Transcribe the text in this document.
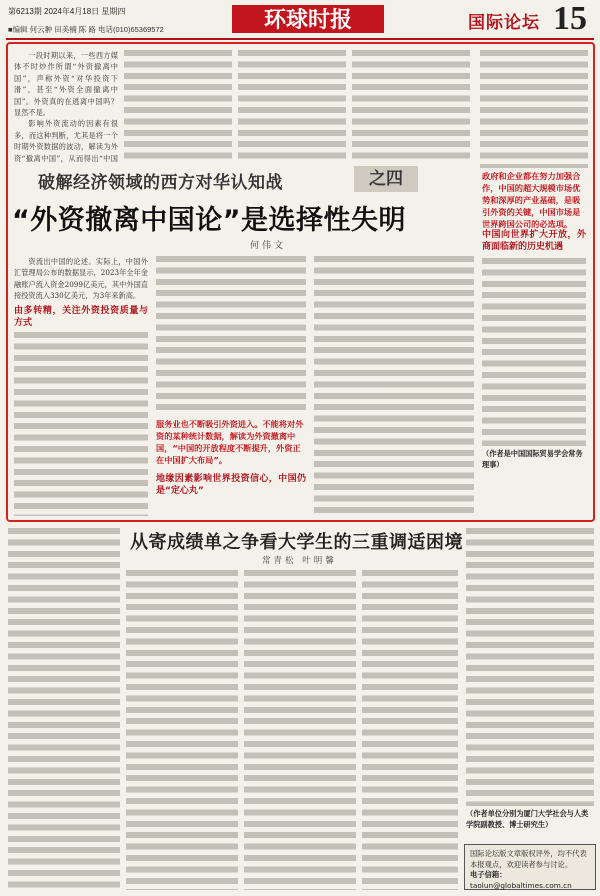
第6213期 2024年4月18日 星期四
■编辑 何云翀 田美楠 陈 路 电话(010)65369572	环球时报	国际论坛 15

一段时期以来，一些西方媒体不时炒作所谓“外资撤离中国”，声称外资“对华投资下滑”，甚至“外资全面撤离中国”。外资真的在逃离中国吗？显然不是。

影响外资流动的因素有很多，而这种判断，尤其是将一个时期外资数据的波动，解读为外资“撤离中国”，从而得出“中国

破解经济领域的西方对华认知战	之四
“外资撤离中国论”是选择性失明
何伟文
政府和企业都在努力加强合作，中国的超大规模市场优势和深厚的产业基础，是吸引外资的关键，中国市场是世界跨国公司的必选项。
中国向世界扩大开放，外商面临新的历史机遇
（作者是中国国际贸易学会常务理事）

资流出中国的论述。实际上，中国外汇管理局公布的数据显示，2023年全年金融账户流入资金2099亿美元，其中外国直接投资流入330亿美元，为3年来新高。

由多转精，关注外资投资质量与方式
服务业也不断吸引外资进入。不能将对外资的某种统计数据，解读为外资撤离中国，“中国的开放程度不断提升，外资正在中国扩大布局”。
地缘因素影响世界投资信心，中国仍是“定心丸”
从寄成绩单之争看大学生的三重调适困境
常青松 叶明馨
（作者单位分别为厦门大学社会与人类学院副教授、博士研究生）
国际论坛版文章版权评外，均不代表本报观点，欢迎读者参与讨论。
电子信箱：taolun@globaltimes.com.cn
